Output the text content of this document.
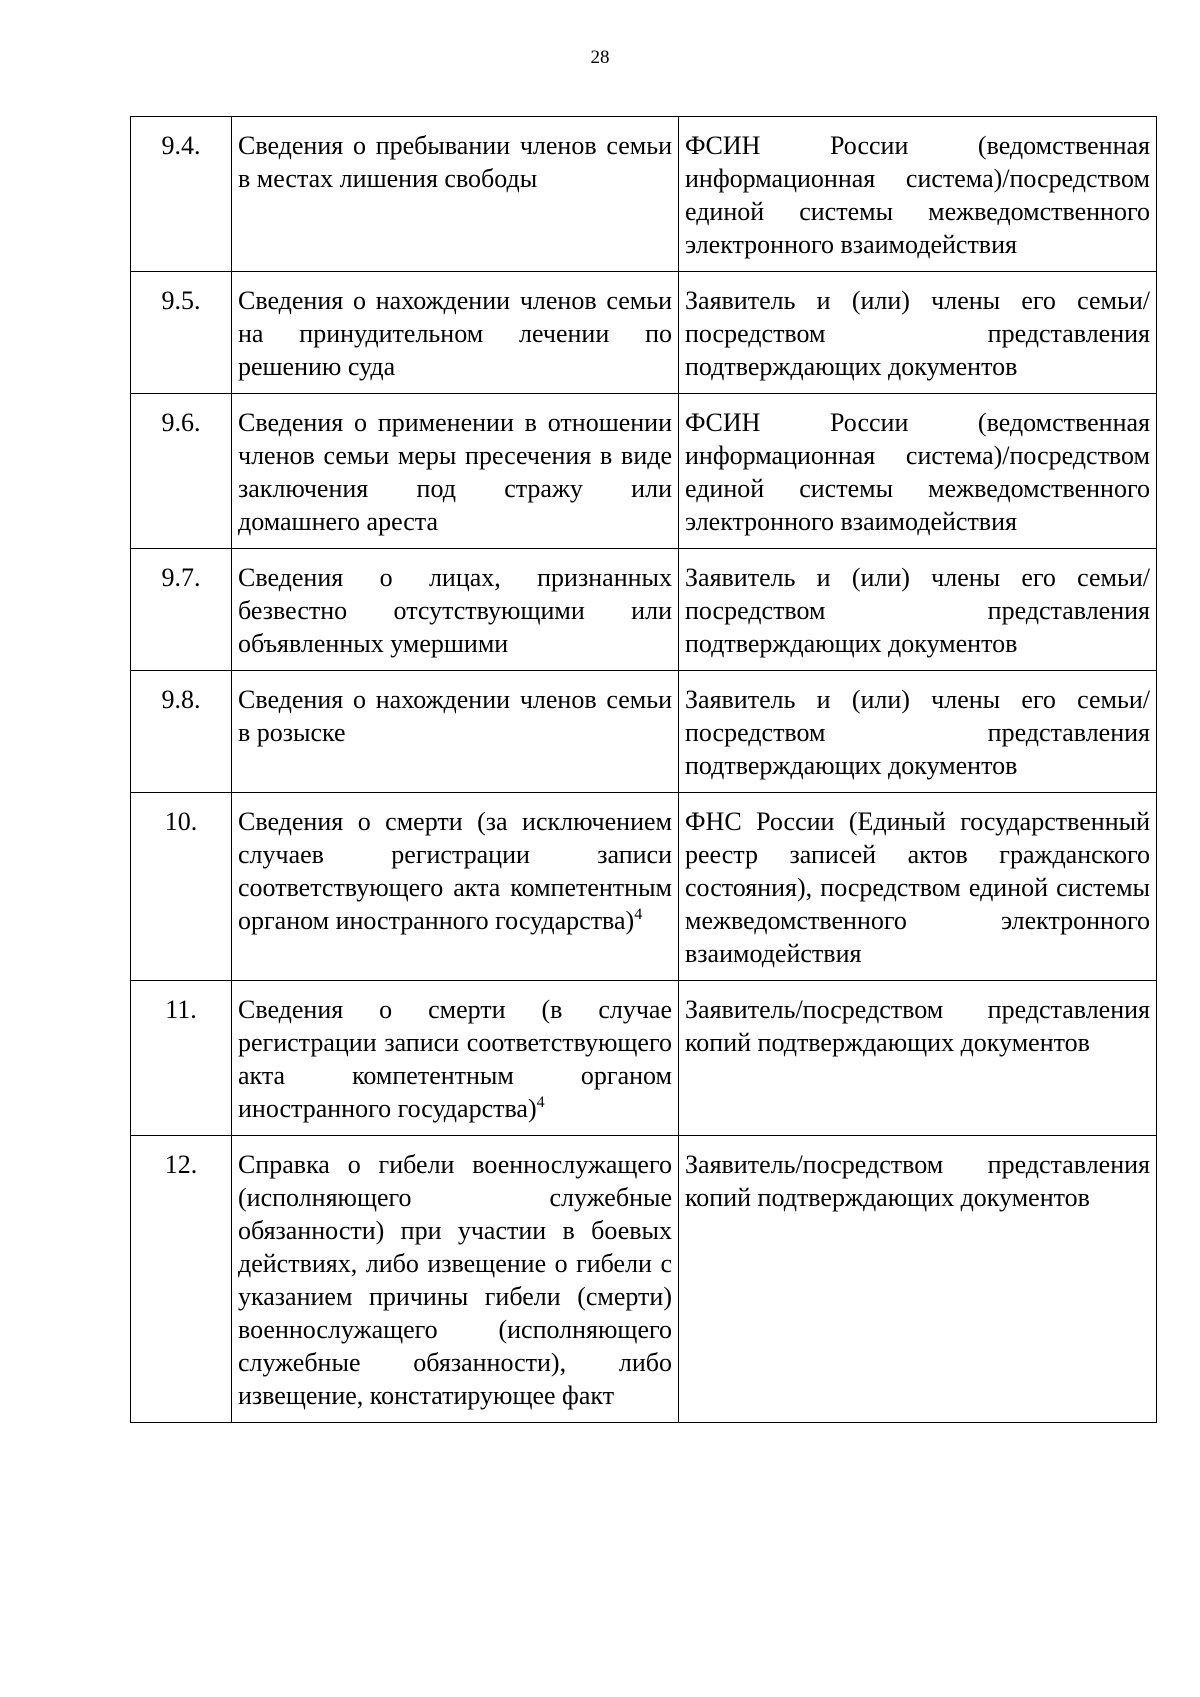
28
9.4.	Сведения о пребывании членов семьи в местах лишения свободы	ФСИН России (ведомственная информационная система)/посредством единой системы межведомственного электронного взаимодействия
9.5.	Сведения о нахождении членов семьи на принудительном лечении по решению суда	Заявитель и (или) члены его семьи/посредством представления подтверждающих документов
9.6.	Сведения о применении в отношении членов семьи меры пресечения в виде заключения под стражу или домашнего ареста	ФСИН России (ведомственная информационная система)/посредством единой системы межведомственного электронного взаимодействия
9.7.	Сведения о лицах, признанных безвестно отсутствующими или объявленных умершими	Заявитель и (или) члены его семьи/посредством представления подтверждающих документов
9.8.	Сведения о нахождении членов семьи в розыске	Заявитель и (или) члены его семьи/посредством представления подтверждающих документов
10.	Сведения о смерти (за исключением случаев регистрации записи соответствующего акта компетентным органом иностранного государства)$^4$	ФНС России (Единый государственный реестр записей актов гражданского состояния), посредством единой системы межведомственного электронного взаимодействия
11.	Сведения о смерти (в случае регистрации записи соответствующего акта компетентным органом иностранного государства)$^4$	Заявитель/посредством представления копий подтверждающих документов
12.	Справка о гибели военнослужащего (исполняющего служебные обязанности) при участии в боевых действиях, либо извещение о гибели с указанием причины гибели (смерти) военнослужащего (исполняющего служебные обязанности), либо извещение, констатирующее факт	Заявитель/посредством представления копий подтверждающих документов
